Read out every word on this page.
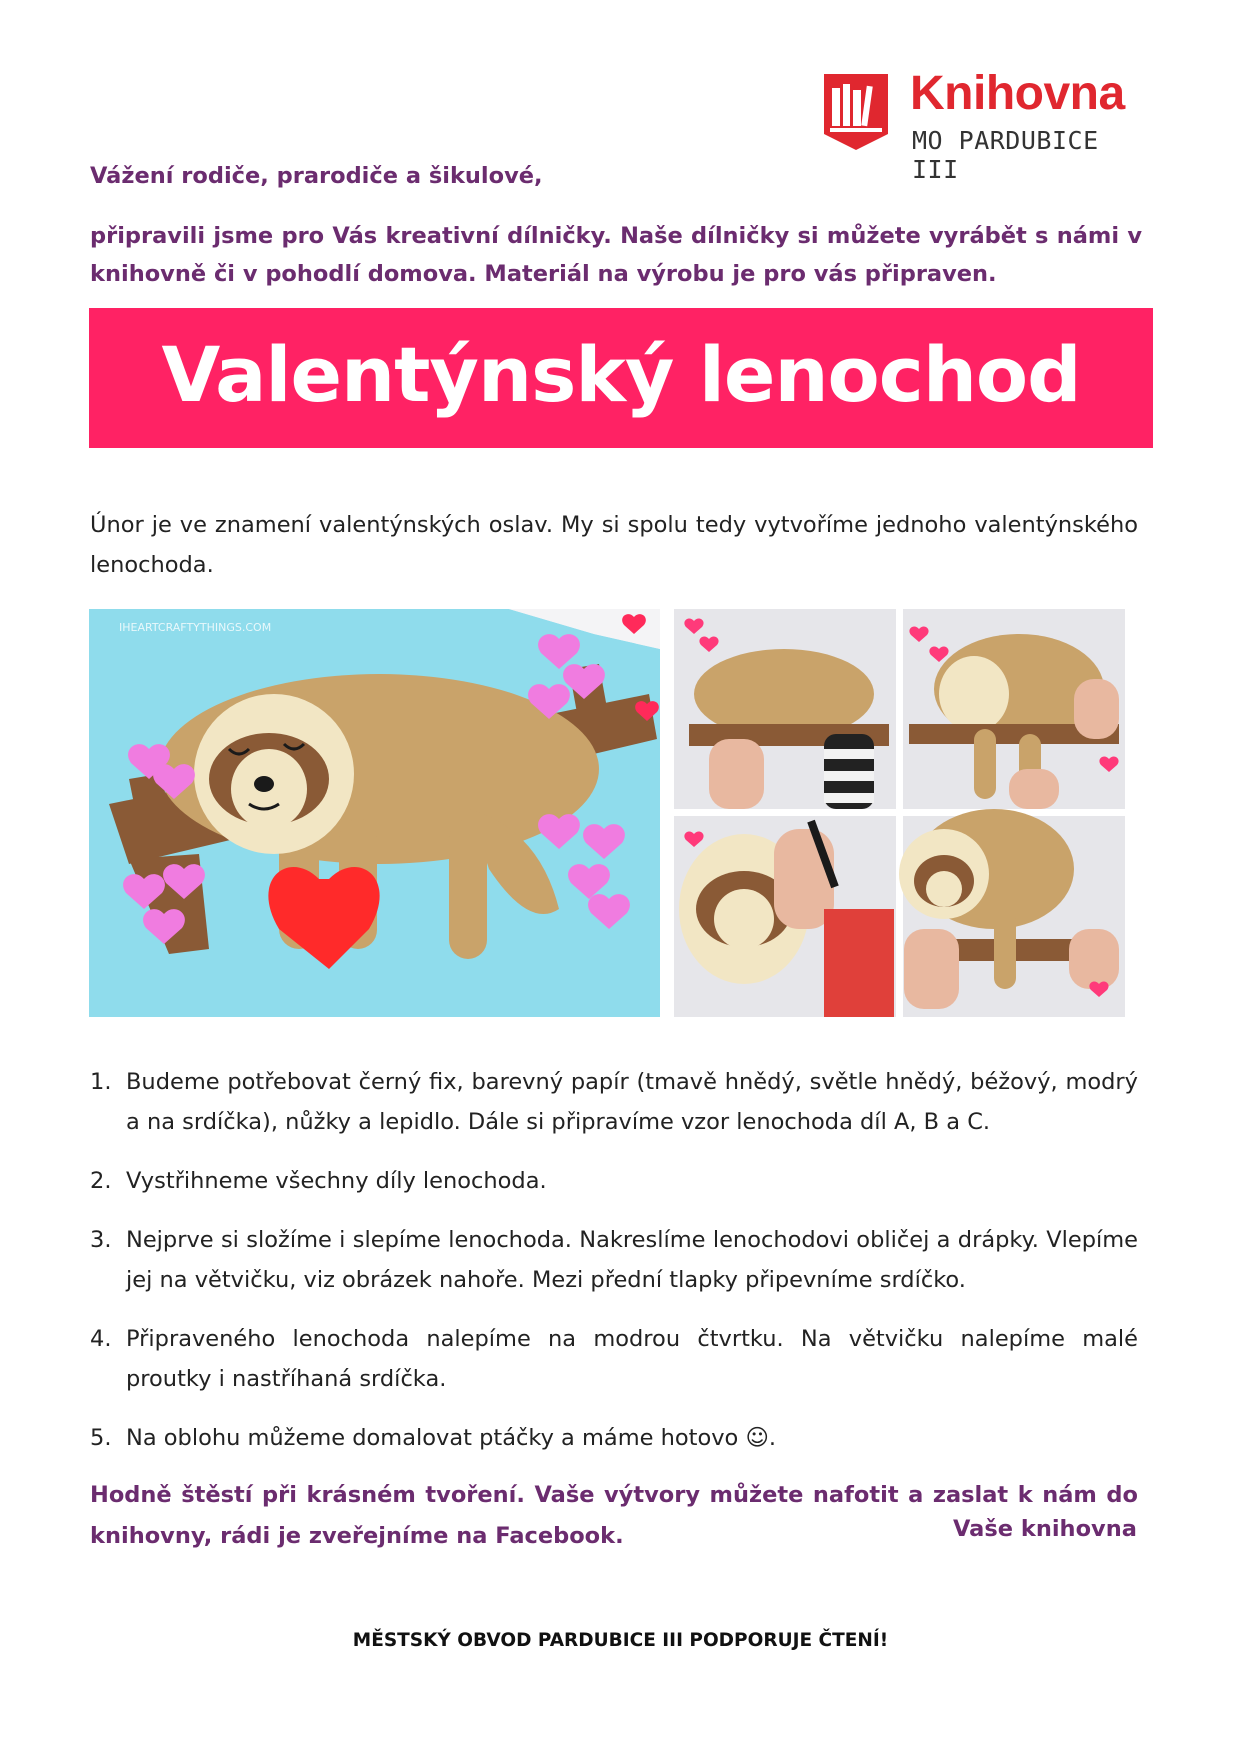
Knihovna
MO PARDUBICE III
Vážení rodiče, prarodiče a šikulové,
připravili jsme pro Vás kreativní dílničky. Naše dílničky si můžete vyrábět s námi v knihovně či v pohodlí domova. Materiál na výrobu je pro vás připraven.
Valentýnský lenochod
Únor je ve znamení valentýnských oslav. My si spolu tedy vytvoříme jednoho valentýnského lenochoda.
IHEARTCRAFTYTHINGS.COM
1. Budeme potřebovat černý fix, barevný papír (tmavě hnědý, světle hnědý, béžový, modrý a na srdíčka), nůžky a lepidlo. Dále si připravíme vzor lenochoda díl A, B a C.
2. Vystřihneme všechny díly lenochoda.
3. Nejprve si složíme i slepíme lenochoda. Nakreslíme lenochodovi obličej a drápky. Vlepíme jej na větvičku, viz obrázek nahoře. Mezi přední tlapky připevníme srdíčko.
4. Připraveného lenochoda nalepíme na modrou čtvrtku. Na větvičku nalepíme malé proutky i nastříhaná srdíčka.
5. Na oblohu můžeme domalovat ptáčky a máme hotovo ☺.
Hodně štěstí při krásném tvoření. Vaše výtvory můžete nafotit a zaslat k nám do knihovny, rádi je zveřejníme na Facebook.	Vaše knihovna
MĚSTSKÝ OBVOD PARDUBICE III PODPORUJE ČTENÍ!
